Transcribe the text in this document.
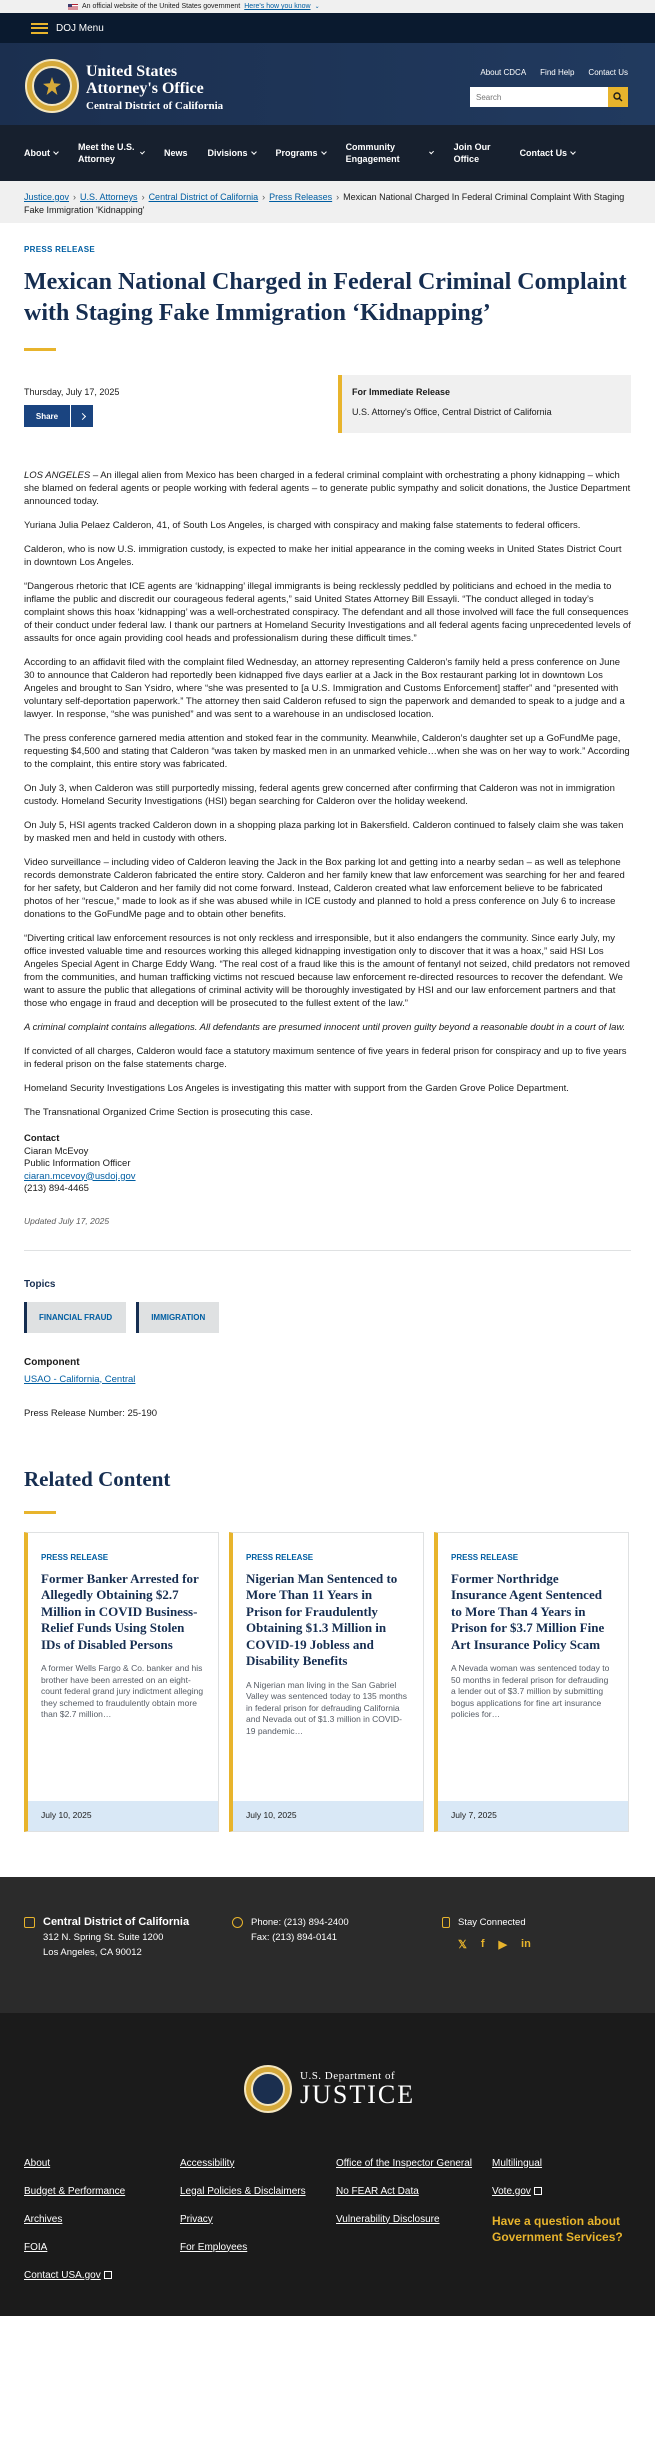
An official website of the United States government Here's how you know ⌄
DOJ Menu
United States
Attorney's Office
Central District of California
About CDCA Find Help Contact Us
Search
About
Meet the U.S. Attorney
News Divisions	Programs
Community Engagement
Join Our Office
Contact Us
Justice.gov › U.S. Attorneys › Central District of California › Press Releases › Mexican National Charged In Federal Criminal Complaint With Staging Fake Immigration 'Kidnapping'
PRESS RELEASE
Mexican National Charged in Federal Criminal Complaint with Staging Fake Immigration ‘Kidnapping’
Thursday, July 17, 2025
Share
For Immediate Release
U.S. Attorney's Office, Central District of California

LOS ANGELES – An illegal alien from Mexico has been charged in a federal criminal complaint with orchestrating a phony kidnapping – which she blamed on federal agents or people working with federal agents – to generate public sympathy and solicit donations, the Justice Department announced today.

Yuriana Julia Pelaez Calderon, 41, of South Los Angeles, is charged with conspiracy and making false statements to federal officers.

Calderon, who is now U.S. immigration custody, is expected to make her initial appearance in the coming weeks in United States District Court in downtown Los Angeles.

“Dangerous rhetoric that ICE agents are ‘kidnapping’ illegal immigrants is being recklessly peddled by politicians and echoed in the media to inflame the public and discredit our courageous federal agents,” said United States Attorney Bill Essayli. “The conduct alleged in today’s complaint shows this hoax ‘kidnapping’ was a well-orchestrated conspiracy. The defendant and all those involved will face the full consequences of their conduct under federal law. I thank our partners at Homeland Security Investigations and all federal agents facing unprecedented levels of assaults for once again providing cool heads and professionalism during these difficult times.”

According to an affidavit filed with the complaint filed Wednesday, an attorney representing Calderon’s family held a press conference on June 30 to announce that Calderon had reportedly been kidnapped five days earlier at a Jack in the Box restaurant parking lot in downtown Los Angeles and brought to San Ysidro, where “she was presented to [a U.S. Immigration and Customs Enforcement] staffer” and “presented with voluntary self-deportation paperwork.” The attorney then said Calderon refused to sign the paperwork and demanded to speak to a judge and a lawyer. In response, “she was punished” and was sent to a warehouse in an undisclosed location.

The press conference garnered media attention and stoked fear in the community. Meanwhile, Calderon’s daughter set up a GoFundMe page, requesting $4,500 and stating that Calderon “was taken by masked men in an unmarked vehicle…when she was on her way to work.” According to the complaint, this entire story was fabricated.

On July 3, when Calderon was still purportedly missing, federal agents grew concerned after confirming that Calderon was not in immigration custody. Homeland Security Investigations (HSI) began searching for Calderon over the holiday weekend.

On July 5, HSI agents tracked Calderon down in a shopping plaza parking lot in Bakersfield. Calderon continued to falsely claim she was taken by masked men and held in custody with others.

Video surveillance – including video of Calderon leaving the Jack in the Box parking lot and getting into a nearby sedan – as well as telephone records demonstrate Calderon fabricated the entire story. Calderon and her family knew that law enforcement was searching for her and feared for her safety, but Calderon and her family did not come forward. Instead, Calderon created what law enforcement believe to be fabricated photos of her “rescue,” made to look as if she was abused while in ICE custody and planned to hold a press conference on July 6 to increase donations to the GoFundMe page and to obtain other benefits.

“Diverting critical law enforcement resources is not only reckless and irresponsible, but it also endangers the community. Since early July, my office invested valuable time and resources working this alleged kidnapping investigation only to discover that it was a hoax,” said HSI Los Angeles Special Agent in Charge Eddy Wang. “The real cost of a fraud like this is the amount of fentanyl not seized, child predators not removed from the communities, and human trafficking victims not rescued because law enforcement re-directed resources to recover the defendant. We want to assure the public that allegations of criminal activity will be thoroughly investigated by HSI and our law enforcement partners and that those who engage in fraud and deception will be prosecuted to the fullest extent of the law.”

A criminal complaint contains allegations. All defendants are presumed innocent until proven guilty beyond a reasonable doubt in a court of law.

If convicted of all charges, Calderon would face a statutory maximum sentence of five years in federal prison for conspiracy and up to five years in federal prison on the false statements charge.

Homeland Security Investigations Los Angeles is investigating this matter with support from the Garden Grove Police Department.

The Transnational Organized Crime Section is prosecuting this case.

Contact
Ciaran McEvoy
Public Information Officer
ciaran.mcevoy@usdoj.gov
(213) 894-4465
Updated July 17, 2025
Topics
FINANCIAL FRAUD	IMMIGRATION
Component
USAO - California, Central
Press Release Number: 25-190
Related Content
PRESS RELEASE
Former Banker Arrested for Allegedly Obtaining $2.7 Million in COVID Business-Relief Funds Using Stolen IDs of Disabled Persons
A former Wells Fargo & Co. banker and his brother have been arrested on an eight-count federal grand jury indictment alleging they schemed to fraudulently obtain more than $2.7 million…
July 10, 2025
PRESS RELEASE
Nigerian Man Sentenced to More Than 11 Years in Prison for Fraudulently Obtaining $1.3 Million in COVID-19 Jobless and Disability Benefits
A Nigerian man living in the San Gabriel Valley was sentenced today to 135 months in federal prison for defrauding California and Nevada out of $1.3 million in COVID-19 pandemic…
July 10, 2025
PRESS RELEASE
Former Northridge Insurance Agent Sentenced to More Than 4 Years in Prison for $3.7 Million Fine Art Insurance Policy Scam
A Nevada woman was sentenced today to 50 months in federal prison for defrauding a lender out of $3.7 million by submitting bogus applications for fine art insurance policies for…
July 7, 2025
Central District of California
312 N. Spring St. Suite 1200
Los Angeles, CA 90012
Phone: (213) 894-2400
Fax: (213) 894-0141
Stay Connected
𝕏 f ▶ in
U.S. Department of
JUSTICE
About	Accessibility	Office of the Inspector General	Multilingual
Budget & Performance	Legal Policies & Disclaimers	No FEAR Act Data	Vote.gov
Archives	Privacy	Vulnerability Disclosure	Have a question about Government Services?
FOIA	For Employees
Contact USA.gov
